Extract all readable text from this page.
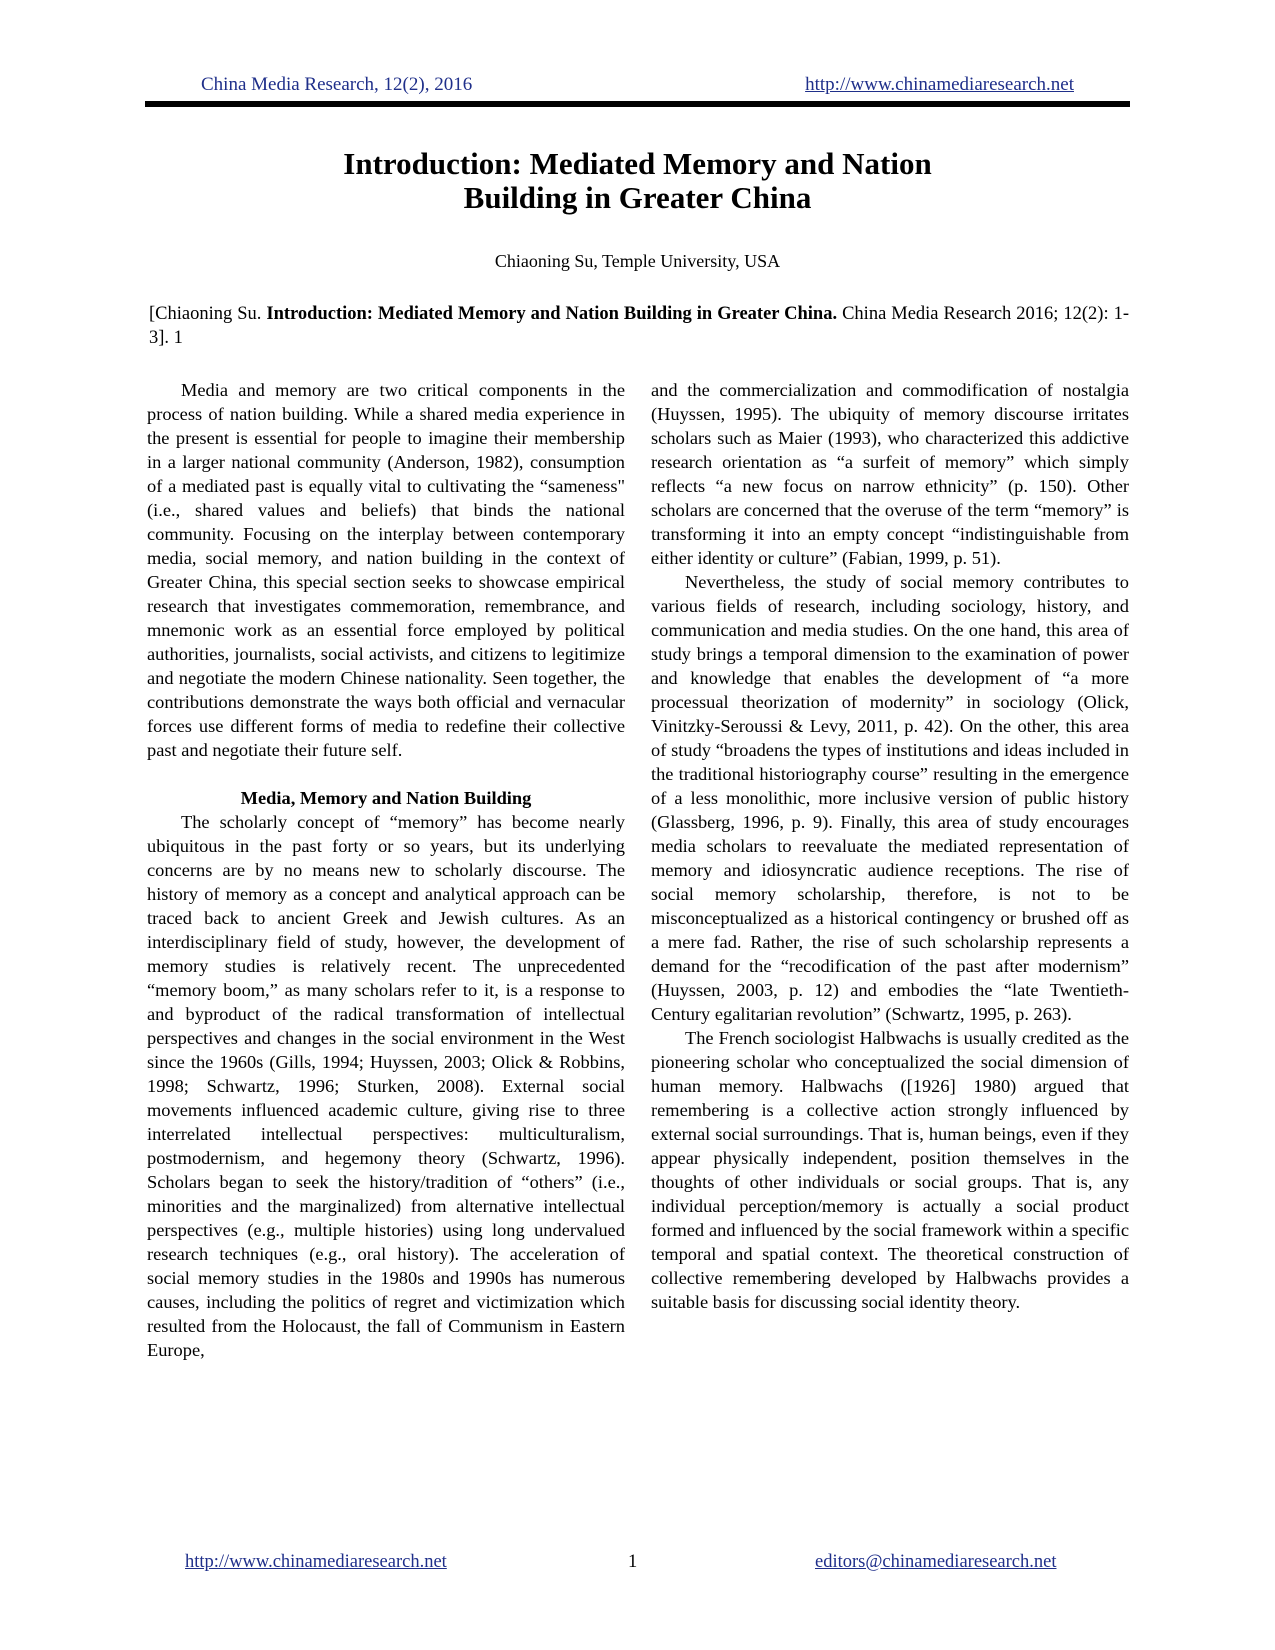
China Media Research, 12(2), 2016	http://www.chinamediaresearch.net
Introduction: Mediated Memory and Nation
Building in Greater China
Chiaoning Su, Temple University, USA
[Chiaoning Su. Introduction: Mediated Memory and Nation Building in Greater China. China Media Research 2016; 12(2): 1-3]. 1

Media and memory are two critical components in the process of nation building. While a shared media experience in the present is essential for people to imagine their membership in a larger national community (Anderson, 1982), consumption of a mediated past is equally vital to cultivating the “sameness" (i.e., shared values and beliefs) that binds the national community. Focusing on the interplay between contemporary media, social memory, and nation building in the context of Greater China, this special section seeks to showcase empirical research that investigates commemoration, remembrance, and mnemonic work as an essential force employed by political authorities, journalists, social activists, and citizens to legitimize and negotiate the modern Chinese nationality. Seen together, the contributions demonstrate the ways both official and vernacular forces use different forms of media to redefine their collective past and negotiate their future self.

Media, Memory and Nation Building

The scholarly concept of “memory” has become nearly ubiquitous in the past forty or so years, but its underlying concerns are by no means new to scholarly discourse. The history of memory as a concept and analytical approach can be traced back to ancient Greek and Jewish cultures. As an interdisciplinary field of study, however, the development of memory studies is relatively recent. The unprecedented “memory boom,” as many scholars refer to it, is a response to and byproduct of the radical transformation of intellectual perspectives and changes in the social environment in the West since the 1960s (Gills, 1994; Huyssen, 2003; Olick & Robbins, 1998; Schwartz, 1996; Sturken, 2008). External social movements influenced academic culture, giving rise to three interrelated intellectual perspectives: multiculturalism, postmodernism, and hegemony theory (Schwartz, 1996). Scholars began to seek the history/tradition of “others” (i.e., minorities and the marginalized) from alternative intellectual perspectives (e.g., multiple histories) using long undervalued research techniques (e.g., oral history). The acceleration of social memory studies in the 1980s and 1990s has numerous causes, including the politics of regret and victimization which resulted from the Holocaust, the fall of Communism in Eastern Europe,

and the commercialization and commodification of nostalgia (Huyssen, 1995). The ubiquity of memory discourse irritates scholars such as Maier (1993), who characterized this addictive research orientation as “a surfeit of memory” which simply reflects “a new focus on narrow ethnicity” (p. 150). Other scholars are concerned that the overuse of the term “memory” is transforming it into an empty concept “indistinguishable from either identity or culture” (Fabian, 1999, p. 51).

Nevertheless, the study of social memory contributes to various fields of research, including sociology, history, and communication and media studies. On the one hand, this area of study brings a temporal dimension to the examination of power and knowledge that enables the development of “a more processual theorization of modernity” in sociology (Olick, Vinitzky-Seroussi & Levy, 2011, p. 42). On the other, this area of study “broadens the types of institutions and ideas included in the traditional historiography course” resulting in the emergence of a less monolithic, more inclusive version of public history (Glassberg, 1996, p. 9). Finally, this area of study encourages media scholars to reevaluate the mediated representation of memory and idiosyncratic audience receptions. The rise of social memory scholarship, therefore, is not to be misconceptualized as a historical contingency or brushed off as a mere fad. Rather, the rise of such scholarship represents a demand for the “recodification of the past after modernism” (Huyssen, 2003, p. 12) and embodies the “late Twentieth-Century egalitarian revolution” (Schwartz, 1995, p. 263).

The French sociologist Halbwachs is usually credited as the pioneering scholar who conceptualized the social dimension of human memory. Halbwachs ([1926] 1980) argued that remembering is a collective action strongly influenced by external social surroundings. That is, human beings, even if they appear physically independent, position themselves in the thoughts of other individuals or social groups. That is, any individual perception/memory is actually a social product formed and influenced by the social framework within a specific temporal and spatial context. The theoretical construction of collective remembering developed by Halbwachs provides a suitable basis for discussing social identity theory.

http://www.chinamediaresearch.net	1	editors@chinamediaresearch.net
